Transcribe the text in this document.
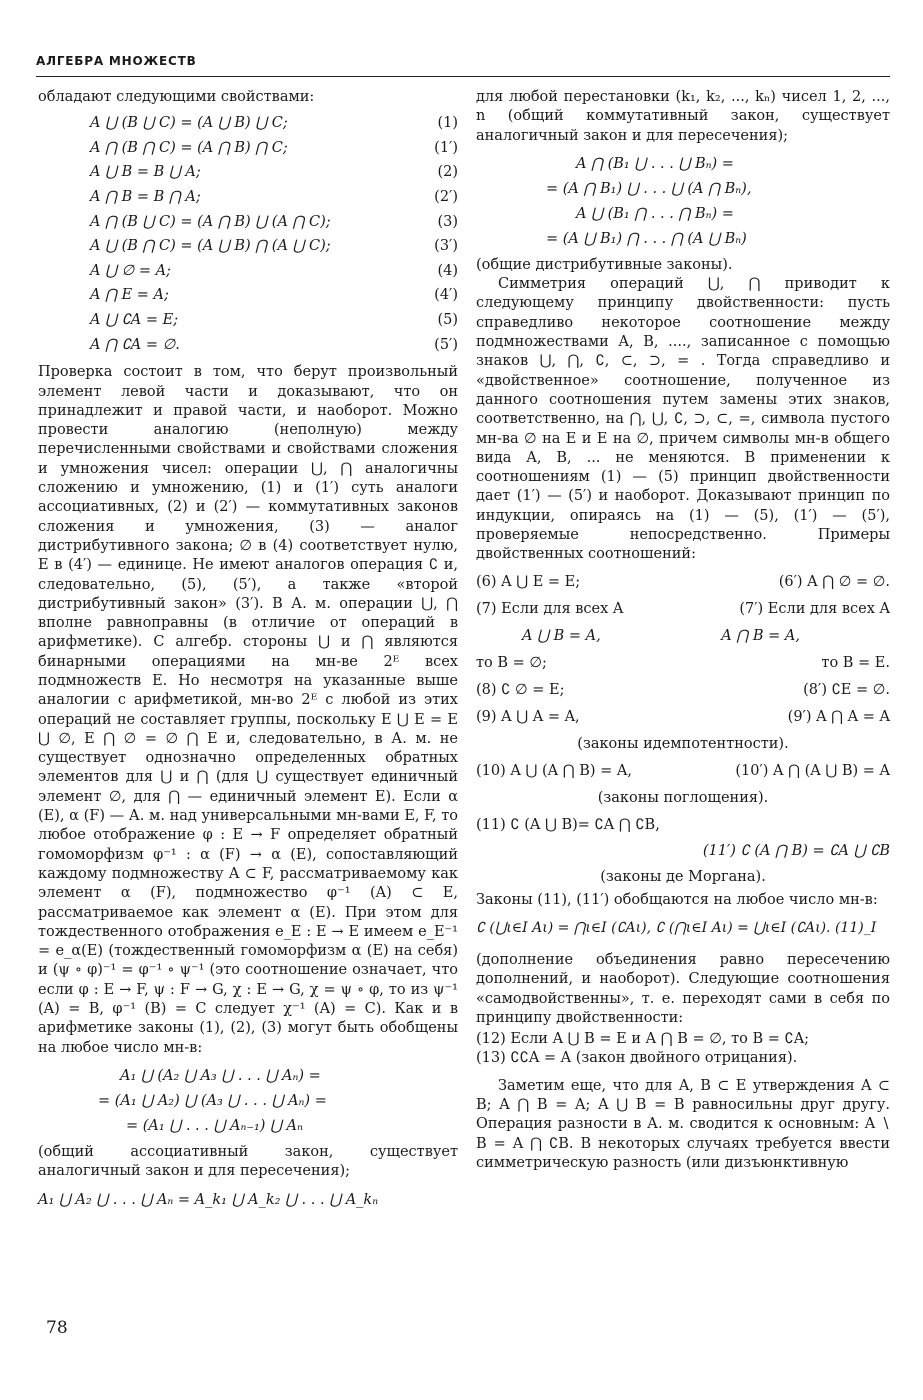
АЛГЕБРА МНОЖЕСТВ

обладают следующими свойствами:

A ⋃ (B ⋃ C) = (A ⋃ B) ⋃ C;	(1)
A ⋂ (B ⋂ C) = (A ⋂ B) ⋂ C;	(1′)
A ⋃ B = B ⋃ A;	(2)
A ⋂ B = B ⋂ A;	(2′)
A ⋂ (B ⋃ C) = (A ⋂ B) ⋃ (A ⋂ C);	(3)
A ⋃ (B ⋂ C) = (A ⋃ B) ⋂ (A ⋃ C);	(3′)
A ⋃ ∅ = A;	(4)
A ⋂ E = A;	(4′)
A ⋃ ∁A = E;	(5)
A ⋂ ∁A = ∅.	(5′)

Проверка состоит в том, что берут произвольный элемент левой части и доказывают, что он принадлежит и правой части, и наоборот. Можно провести аналогию (неполную) между перечисленными свойствами и свойствами сложения и умножения чисел: операции ⋃, ⋂ аналогичны сложению и умножению, (1) и (1′) суть аналоги ассоциативных, (2) и (2′) — коммутативных законов сложения и умножения, (3) — аналог дистрибутивного закона; ∅ в (4) соответствует нулю, E в (4′) — единице. Не имеют аналогов операция ∁ и, следовательно, (5), (5′), а также «второй дистрибутивный закон» (3′). В А. м. операции ⋃, ⋂ вполне равноправны (в отличие от операций в арифметике). С алгебр. стороны ⋃ и ⋂ являются бинарными операциями на мн-ве 2ᴱ всех подмножеств E. Но несмотря на указанные выше аналогии с арифметикой, мн-во 2ᴱ с любой из этих операций не составляет группы, поскольку E ⋃ E = E ⋃ ∅, E ⋂ ∅ = ∅ ⋂ E и, следовательно, в А. м. не существует однозначно определенных обратных элементов для ⋃ и ⋂ (для ⋃ существует единичный элемент ∅, для ⋂ — единичный элемент E). Если α (E), α (F) — А. м. над универсальными мн-вами E, F, то любое отображение φ : E → F определяет обратный гомоморфизм φ⁻¹ : α (F) → α (E), сопоставляющий каждому подмножеству A ⊂ F, рассматриваемому как элемент α (F), подмножество φ⁻¹ (A) ⊂ E, рассматриваемое как элемент α (E). При этом для тождественного отображения e_E : E → E имеем e_E⁻¹ = e_α(E) (тождественный гомоморфизм α (E) на себя) и (ψ ∘ φ)⁻¹ = φ⁻¹ ∘ ψ⁻¹ (это соотношение означает, что если φ : E → F, ψ : F → G, χ : E → G, χ = ψ ∘ φ, то из ψ⁻¹ (A) = B, φ⁻¹ (B) = C следует χ⁻¹ (A) = C). Как и в арифметике законы (1), (2), (3) могут быть обобщены на любое число мн-в:

A₁ ⋃ (A₂ ⋃ A₃ ⋃ . . . ⋃ Aₙ) =
= (A₁ ⋃ A₂) ⋃ (A₃ ⋃ . . . ⋃ Aₙ) =
= (A₁ ⋃ . . . ⋃ Aₙ₋₁) ⋃ Aₙ

(общий ассоциативный закон, существует аналогичный закон и для пересечения);

A₁ ⋃ A₂ ⋃ . . . ⋃ Aₙ = A_k₁ ⋃ A_k₂ ⋃ . . . ⋃ A_kₙ

для любой перестановки (k₁, k₂, ..., kₙ) чисел 1, 2, ..., n (общий коммутативный закон, существует аналогичный закон и для пересечения);

A ⋂ (B₁ ⋃ . . . ⋃ Bₙ) =
= (A ⋂ B₁) ⋃ . . . ⋃ (A ⋂ Bₙ),
A ⋃ (B₁ ⋂ . . . ⋂ Bₙ) =
= (A ⋃ B₁) ⋂ . . . ⋂ (A ⋃ Bₙ)

(общие дистрибутивные законы).

Симметрия операций ⋃, ⋂ приводит к следующему принципу двойственности: пусть справедливо некоторое соотношение между подмножествами A, B, ...., записанное с помощью знаков ⋃, ⋂, ∁, ⊂, ⊃, = . Тогда справедливо и «двойственное» соотношение, полученное из данного соотношения путем замены этих знаков, соответственно, на ⋂, ⋃, ∁, ⊃, ⊂, =, символа пустого мн-ва ∅ на E и E на ∅, причем символы мн-в общего вида A, B, ... не меняются. В применении к соотношениям (1) — (5) принцип двойственности дает (1′) — (5′) и наоборот. Доказывают принцип по индукции, опираясь на (1) — (5), (1′) — (5′), проверяемые непосредственно. Примеры двойственных соотношений:

(6) A ⋃ E = E;	(6′) A ⋂ ∅ = ∅.
(7) Если для всех A	(7′) Если для всех A
A ⋃ B = A,	A ⋂ B = A,
то B = ∅;	то B = E.
(8) ∁ ∅ = E;	(8′) ∁E = ∅.
(9) A ⋃ A = A,	(9′) A ⋂ A = A
(законы идемпотентности).
(10) A ⋃ (A ⋂ B) = A,	(10′) A ⋂ (A ⋃ B) = A
(законы поглощения).
(11) ∁ (A ⋃ B)= ∁A ⋂ ∁B,
(11′) ∁ (A ⋂ B) = ∁A ⋃ ∁B
(законы де Моргана).

Законы (11), (11′) обобщаются на любое число мн-в:

∁ (⋃ι∈I Aι) = ⋂ι∈I (∁Aι), ∁ (⋂ι∈I Aι) = ⋃ι∈I (∁Aι). (11)_I

(дополнение объединения равно пересечению дополнений, и наоборот). Следующие соотношения «самодвойственны», т. е. переходят сами в себя по принципу двойственности:

(12) Если A ⋃ B = E и A ⋂ B = ∅, то B = ∁A;

(13) ∁∁A = A (закон двойного отрицания).

Заметим еще, что для A, B ⊂ E утверждения A ⊂ B; A ⋂ B = A; A ⋃ B = B равносильны друг другу. Операция разности в А. м. сводится к основным: A ∖ B = A ⋂ ∁B. В некоторых случаях требуется ввести симметрическую разность (или дизъюнктивную

78
